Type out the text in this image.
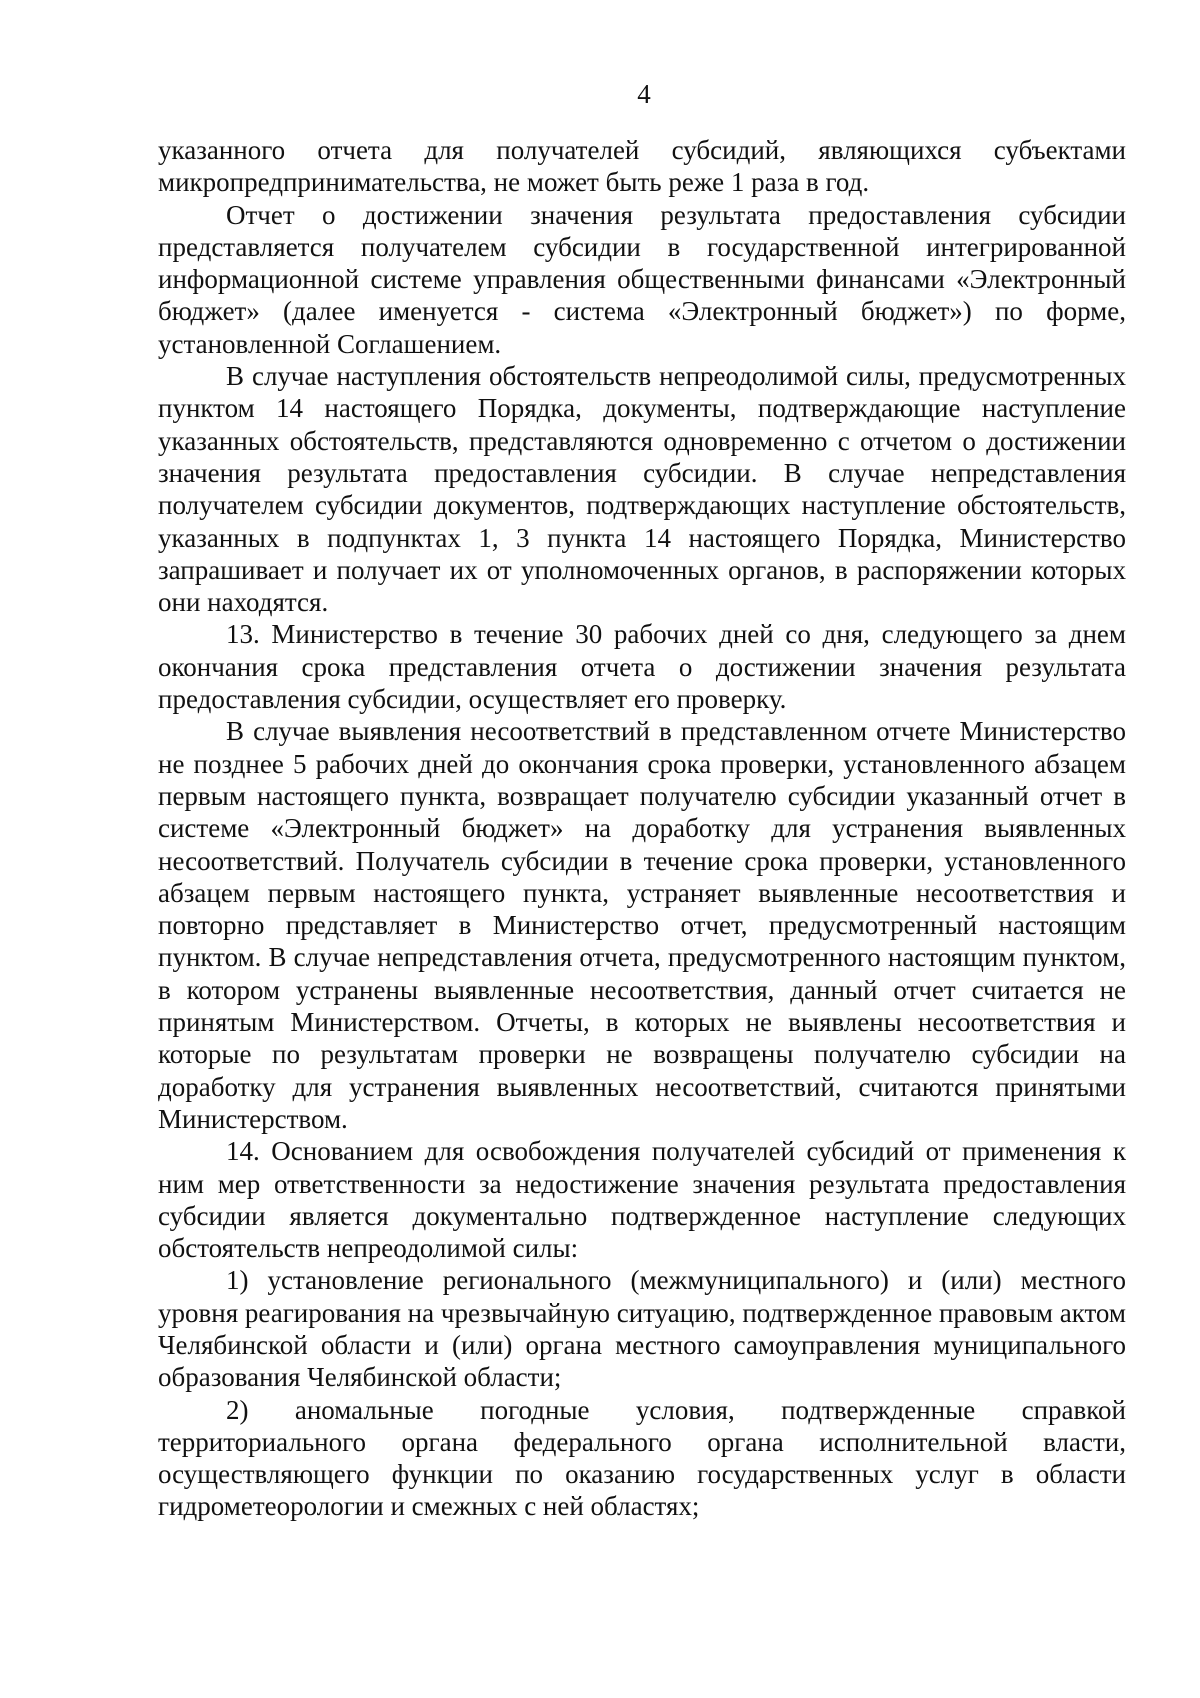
4

указанного отчета для получателей субсидий, являющихся субъектами микропредпринимательства, не может быть реже 1 раза в год.

Отчет о достижении значения результата предоставления субсидии представляется получателем субсидии в государственной интегрированной информационной системе управления общественными финансами «Электронный бюджет» (далее именуется - система «Электронный бюджет») по форме, установленной Соглашением.

В случае наступления обстоятельств непреодолимой силы, предусмотренных пунктом 14 настоящего Порядка, документы, подтверждающие наступление указанных обстоятельств, представляются одновременно с отчетом о достижении значения результата предоставления субсидии. В случае непредставления получателем субсидии документов, подтверждающих наступление обстоятельств, указанных в подпунктах 1, 3 пункта 14 настоящего Порядка, Министерство запрашивает и получает их от уполномоченных органов, в распоряжении которых они находятся.

13. Министерство в течение 30 рабочих дней со дня, следующего за днем окончания срока представления отчета о достижении значения результата предоставления субсидии, осуществляет его проверку.

В случае выявления несоответствий в представленном отчете Министерство не позднее 5 рабочих дней до окончания срока проверки, установленного абзацем первым настоящего пункта, возвращает получателю субсидии указанный отчет в системе «Электронный бюджет» на доработку для устранения выявленных несоответствий. Получатель субсидии в течение срока проверки, установленного абзацем первым настоящего пункта, устраняет выявленные несоответствия и повторно представляет в Министерство отчет, предусмотренный настоящим пунктом. В случае непредставления отчета, предусмотренного настоящим пунктом, в котором устранены выявленные несоответствия, данный отчет считается не принятым Министерством. Отчеты, в которых не выявлены несоответствия и которые по результатам проверки не возвращены получателю субсидии на доработку для устранения выявленных несоответствий, считаются принятыми Министерством.

14. Основанием для освобождения получателей субсидий от применения к ним мер ответственности за недостижение значения результата предоставления субсидии является документально подтвержденное наступление следующих обстоятельств непреодолимой силы:

1) установление регионального (межмуниципального) и (или) местного уровня реагирования на чрезвычайную ситуацию, подтвержденное правовым актом Челябинской области и (или) органа местного самоуправления муниципального образования Челябинской области;

2) аномальные погодные условия, подтвержденные справкой территориального органа федерального органа исполнительной власти, осуществляющего функции по оказанию государственных услуг в области гидрометеорологии и смежных с ней областях;
